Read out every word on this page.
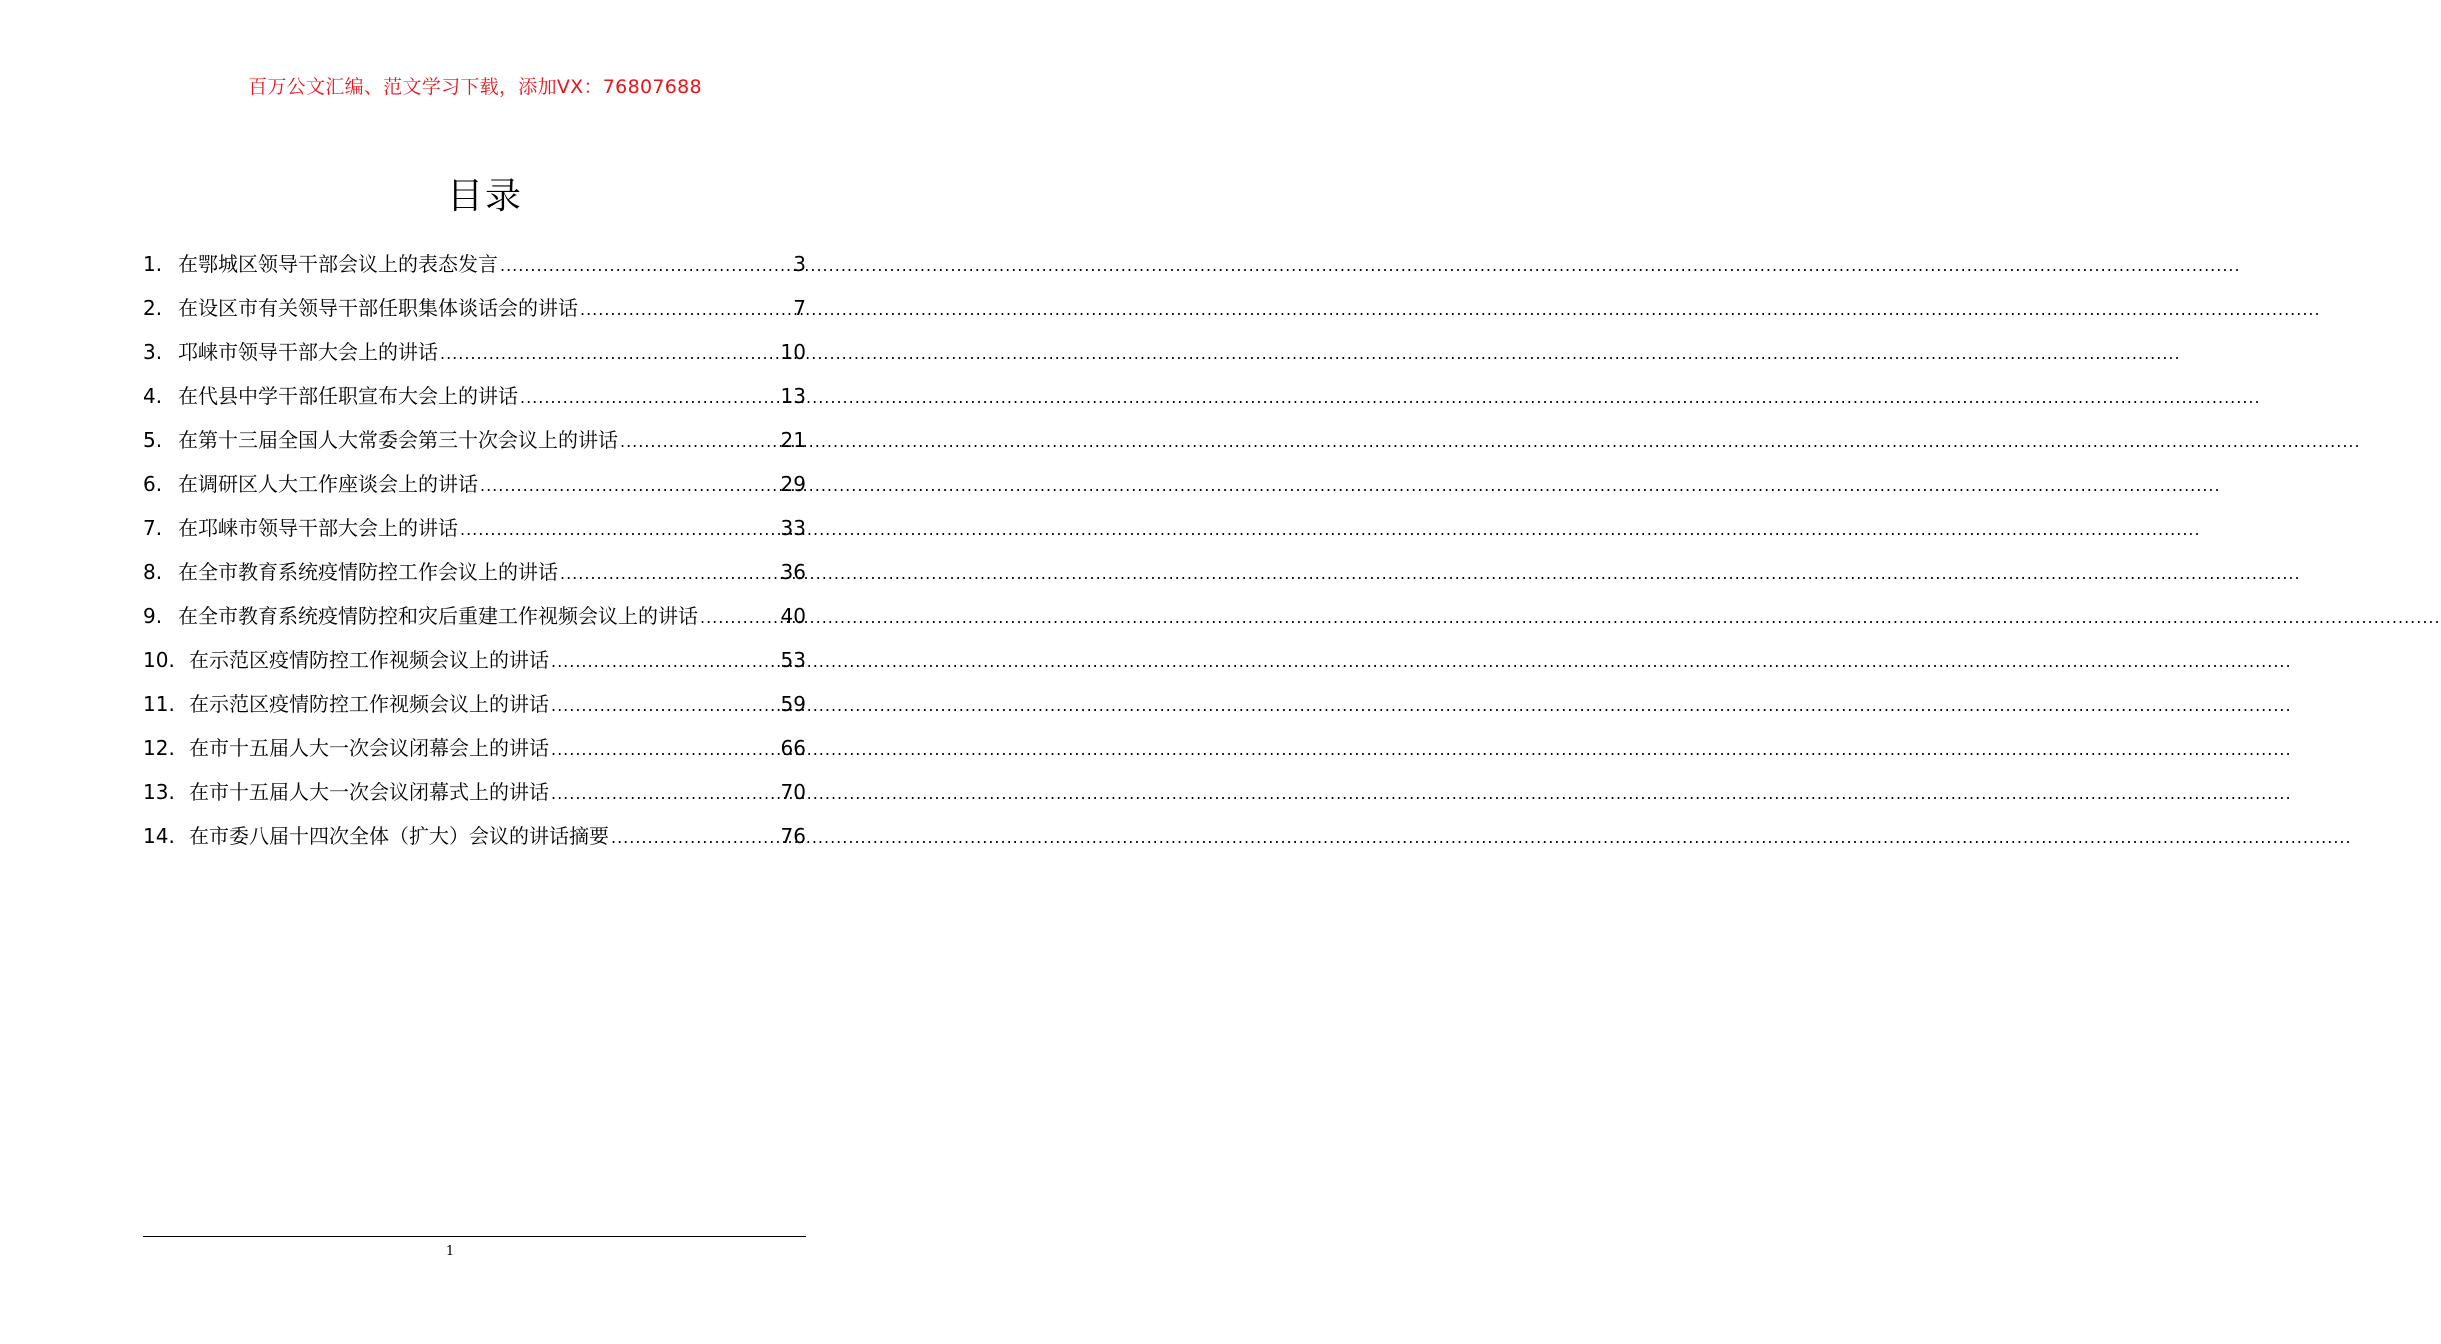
百万公文汇编、范文学习下载，添加VX：76807688
目录
1. 在鄂城区领导干部会议上的表态发言 .....	3
2. 在设区市有关领导干部任职集体谈话会的讲话 .....	7
3. 邛崃市领导干部大会上的讲话 .....	10
4. 在代县中学干部任职宣布大会上的讲话 .....	13
5. 在第十三届全国人大常委会第三十次会议上的讲话 .....	21
6. 在调研区人大工作座谈会上的讲话 .....	29
7. 在邛崃市领导干部大会上的讲话 .....	33
8. 在全市教育系统疫情防控工作会议上的讲话 .....	36
9. 在全市教育系统疫情防控和灾后重建工作视频会议上的讲话 .....	40
10. 在示范区疫情防控工作视频会议上的讲话 .....	53
11. 在示范区疫情防控工作视频会议上的讲话 .....	59
12. 在市十五届人大一次会议闭幕会上的讲话 .....	66
13. 在市十五届人大一次会议闭幕式上的讲话 .....	70
14. 在市委八届十四次全体（扩大）会议的讲话摘要 .....	76
1
